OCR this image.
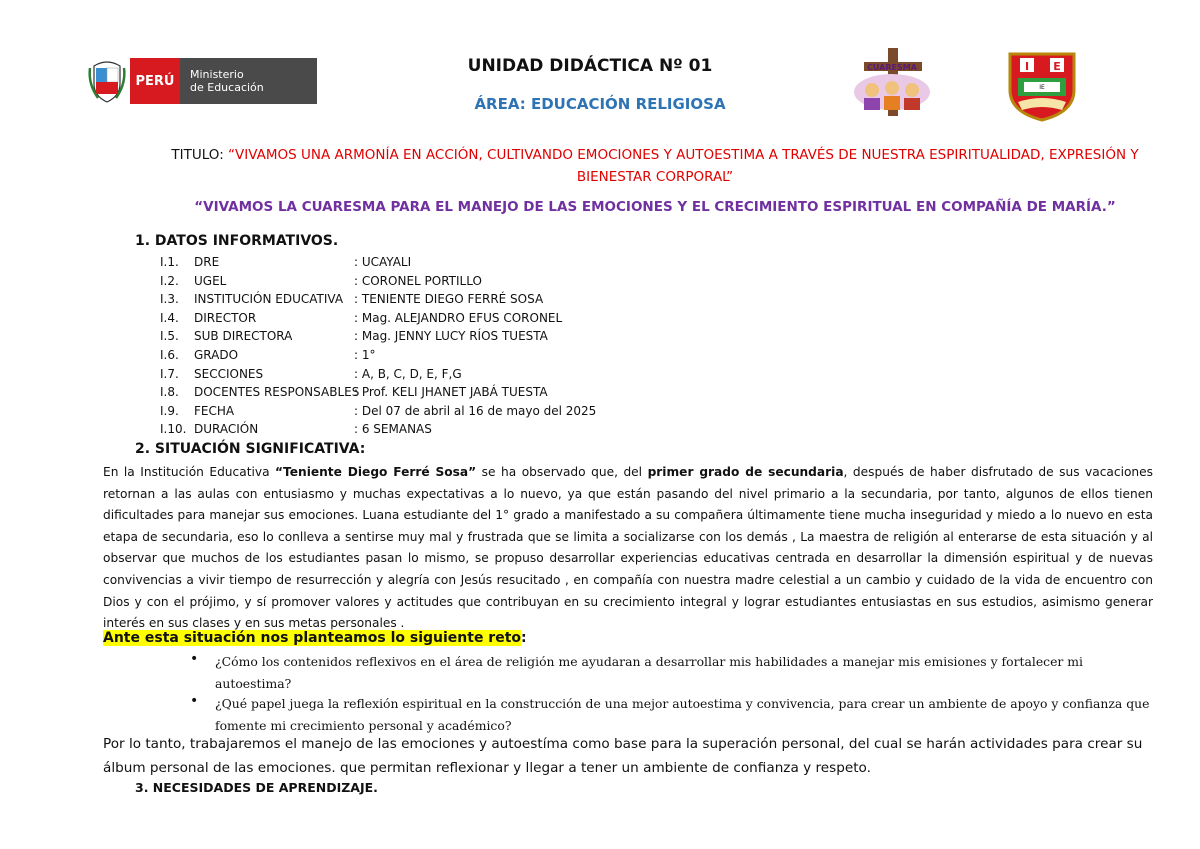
PERÚ	Ministerio
de Educación
UNIDAD DIDÁCTICA Nº 01
ÁREA: EDUCACIÓN RELIGIOSA
CUARESMA	I E
IE
TITULO: “VIVAMOS UNA ARMONÍA EN ACCIÓN, CULTIVANDO EMOCIONES Y AUTOESTIMA A TRAVÉS DE NUESTRA ESPIRITUALIDAD, EXPRESIÓN Y BIENESTAR CORPORAL”
“VIVAMOS LA CUARESMA PARA EL MANEJO DE LAS EMOCIONES Y EL CRECIMIENTO ESPIRITUAL EN COMPAÑÍA DE MARÍA.”
1. DATOS INFORMATIVOS.
I.1. DRE	: UCAYALI
I.2. UGEL	: CORONEL PORTILLO
I.3. INSTITUCIÓN EDUCATIVA : TENIENTE DIEGO FERRÉ SOSA
I.4. DIRECTOR	: Mag. ALEJANDRO EFUS CORONEL
I.5. SUB DIRECTORA	: Mag. JENNY LUCY RÍOS TUESTA
I.6. GRADO	: 1°
I.7. SECCIONES	: A, B, C, D, E, F,G
I.8. DOCENTES RESPONSABLES: Prof. KELI JHANET JABÁ TUESTA
I.9. FECHA	: Del 07 de abril al 16 de mayo del 2025
I.10. DURACIÓN	: 6 SEMANAS
2. SITUACIÓN SIGNIFICATIVA:
En la Institución Educativa “Teniente Diego Ferré Sosa” se ha observado que, del primer grado de secundaria, después de haber disfrutado de sus vacaciones retornan a las aulas con entusiasmo y muchas expectativas a lo nuevo, ya que están pasando del nivel primario a la secundaria, por tanto, algunos de ellos tienen dificultades para manejar sus emociones. Luana estudiante del 1° grado a manifestado a su compañera últimamente tiene mucha inseguridad y miedo a lo nuevo en esta etapa de secundaria, eso lo conlleva a sentirse muy mal y frustrada que se limita a socializarse con los demás , La maestra de religión al enterarse de esta situación y al observar que muchos de los estudiantes pasan lo mismo, se propuso desarrollar experiencias educativas centrada en desarrollar la dimensión espiritual y de nuevas convivencias a vivir tiempo de resurrección y alegría con Jesús resucitado , en compañía con nuestra madre celestial a un cambio y cuidado de la vida de encuentro con Dios y con el prójimo, y sí promover valores y actitudes que contribuyan en su crecimiento integral y lograr estudiantes entusiastas en sus estudios, asimismo generar interés en sus clases y en sus metas personales .
Ante esta situación nos planteamos lo siguiente reto:
• ¿Cómo los contenidos reflexivos en el área de religión me ayudaran a desarrollar mis habilidades a manejar mis emisiones y fortalecer mi autoestima?
• ¿Qué papel juega la reflexión espiritual en la construcción de una mejor autoestima y convivencia, para crear un ambiente de apoyo y confianza que fomente mi crecimiento personal y académico?
Por lo tanto, trabajaremos el manejo de las emociones y autoestíma como base para la superación personal, del cual se harán actividades para crear su álbum personal de las emociones. que permitan reflexionar y llegar a tener un ambiente de confianza y respeto.
3. NECESIDADES DE APRENDIZAJE.
